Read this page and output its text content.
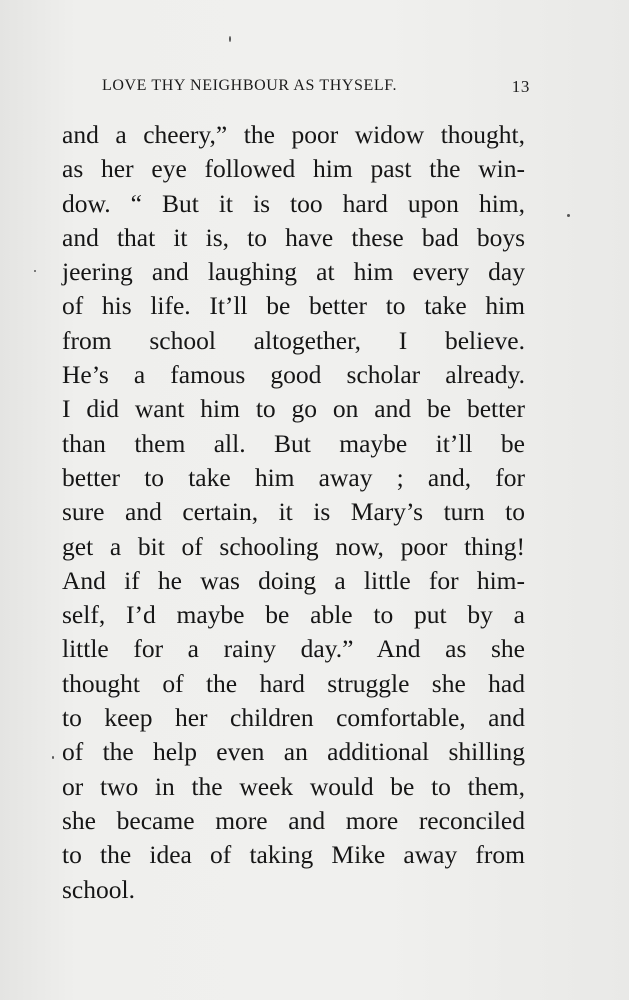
LOVE THY NEIGHBOUR AS THYSELF.	13
and a cheery,” the poor widow thought,
as her eye followed him past the win-
dow. “ But it is too hard upon him,
and that it is, to have these bad boys
jeering and laughing at him every day
of his life. It’ll be better to take him
from school altogether, I believe.
He’s a famous good scholar already.
I did want him to go on and be better
than them all. But maybe it’ll be
better to take him away ; and, for
sure and certain, it is Mary’s turn to
get a bit of schooling now, poor thing!
And if he was doing a little for him-
self, I’d maybe be able to put by a
little for a rainy day.” And as she
thought of the hard struggle she had
to keep her children comfortable, and
of the help even an additional shilling
or two in the week would be to them,
she became more and more reconciled
to the idea of taking Mike away from
school.
